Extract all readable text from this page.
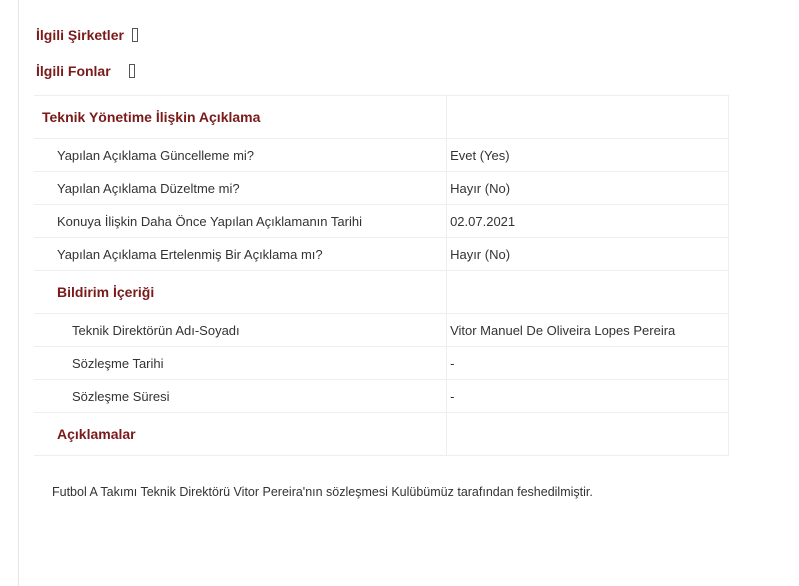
İlgili Şirketler
İlgili Fonlar
Teknik Yönetime İlişkin Açıklama	
Yapılan Açıklama Güncelleme mi?	Evet (Yes)
Yapılan Açıklama Düzeltme mi?	Hayır (No)
Konuya İlişkin Daha Önce Yapılan Açıklamanın Tarihi	02.07.2021
Yapılan Açıklama Ertelenmiş Bir Açıklama mı?	Hayır (No)
Bildirim İçeriği	
Teknik Direktörün Adı-Soyadı	Vitor Manuel De Oliveira Lopes Pereira
Sözleşme Tarihi	-
Sözleşme Süresi	-
Açıklamalar	
Futbol A Takımı Teknik Direktörü Vitor Pereira'nın sözleşmesi Kulübümüz tarafından feshedilmiştir.
